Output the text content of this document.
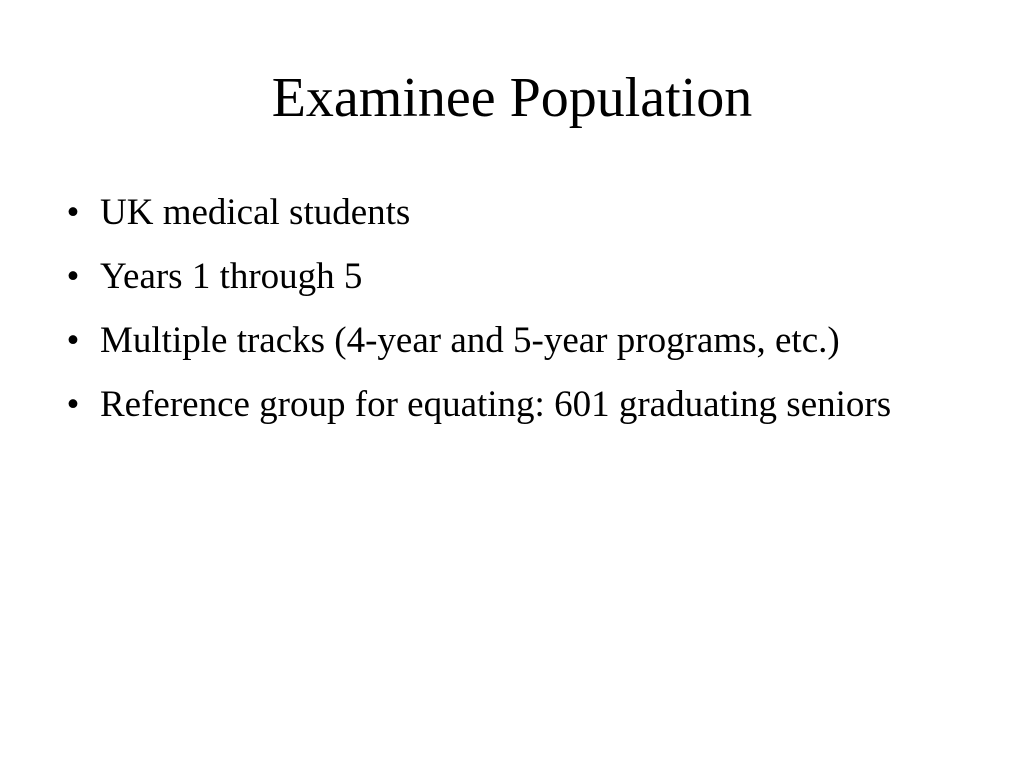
Examinee Population
• UK medical students
• Years 1 through 5
• Multiple tracks (4-year and 5-year programs, etc.)
• Reference group for equating: 601 graduating seniors
